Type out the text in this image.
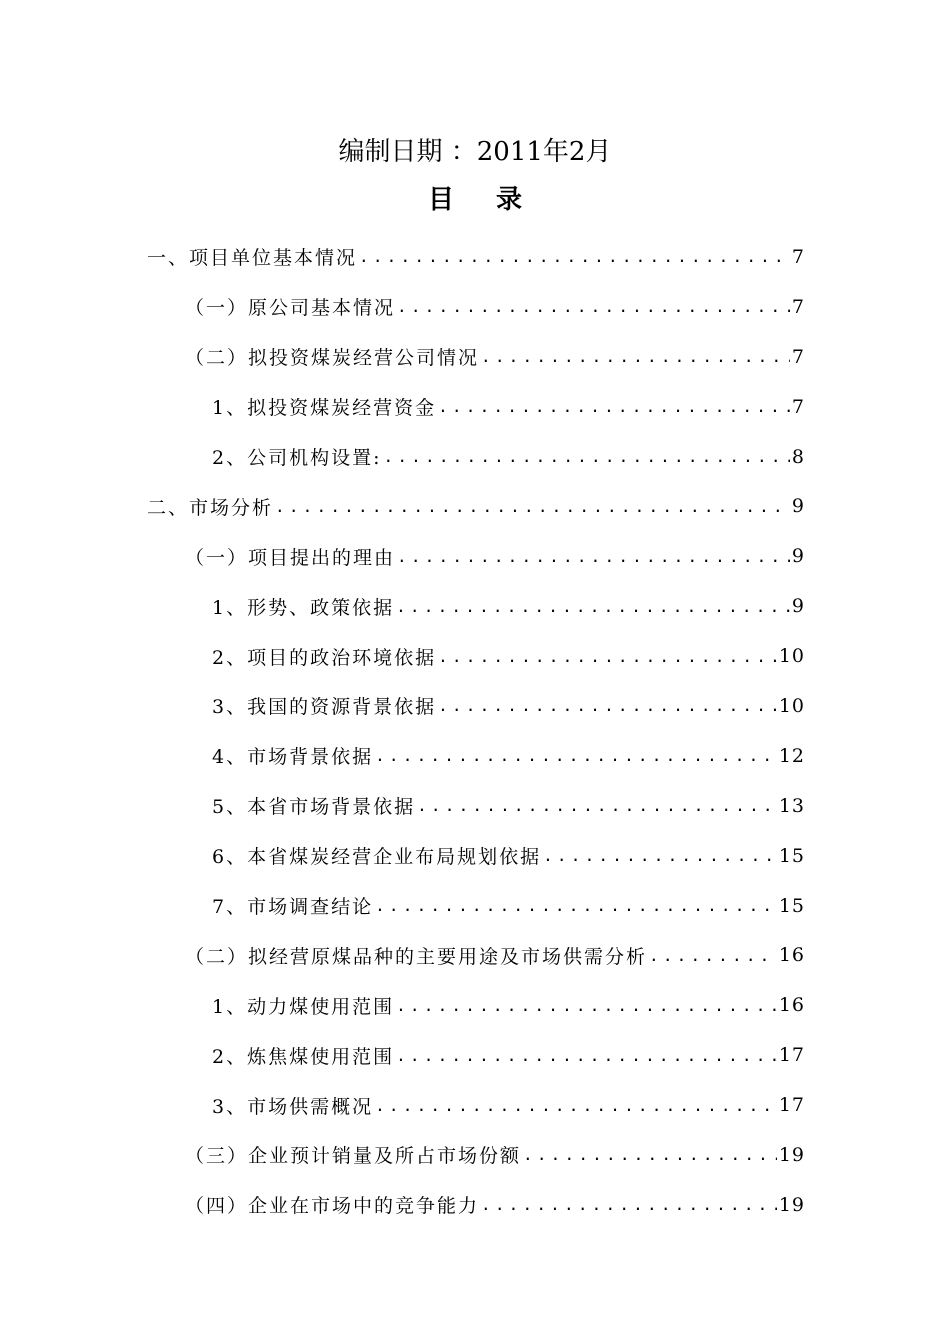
编制日期 ：2011年2月
目录
一、项目单位基本情况 .....	7
（一）原公司基本情况 .....	7
（二）拟投资煤炭经营公司情况 .....	7
1、拟投资煤炭经营资金 .....	7
2、公司机构设置: .....	8
二、市场分析 .....	9
（一）项目提出的理由 .....	9
1、形势、政策依据 .....	9
2、项目的政治环境依据 .....	10
3、我国的资源背景依据 .....	10
4、市场背景依据 .....	12
5、本省市场背景依据 .....	13
6、本省煤炭经营企业布局规划依据 .....	15
7、市场调查结论 .....	15
（二）拟经营原煤品种的主要用途及市场供需分析 .....	16
1、动力煤使用范围 .....	16
2、炼焦煤使用范围 .....	17
3、市场供需概况 .....	17
（三）企业预计销量及所占市场份额 .....	19
（四）企业在市场中的竞争能力 .....	19
